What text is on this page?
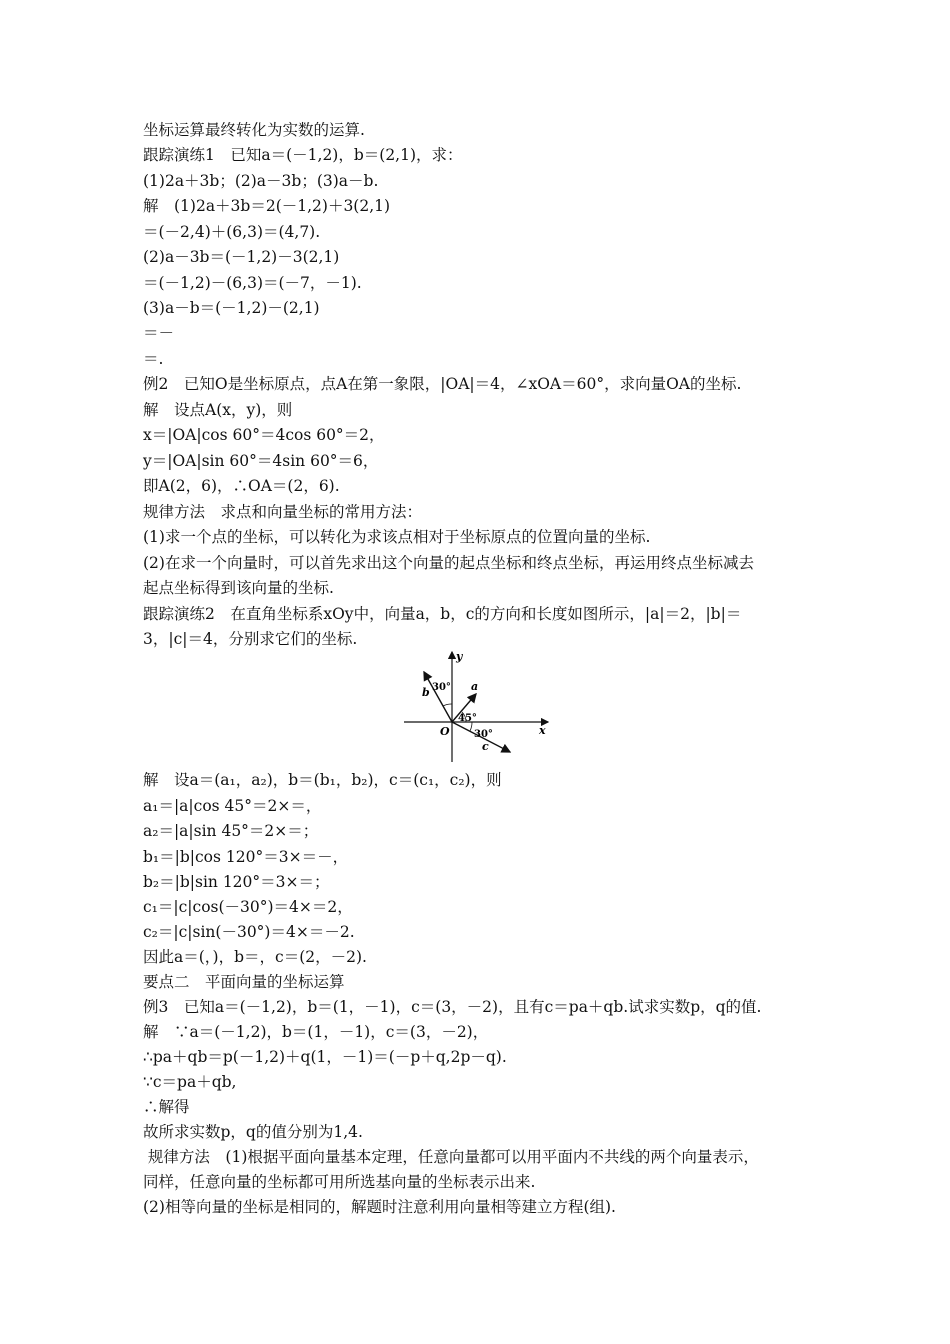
坐标运算最终转化为实数的运算.
跟踪演练1　已知a＝(－1,2)，b＝(2,1)，求：
(1)2a＋3b；(2)a－3b；(3)a－b.
解　(1)2a＋3b＝2(－1,2)＋3(2,1)
＝(－2,4)＋(6,3)＝(4,7).
(2)a－3b＝(－1,2)－3(2,1)
＝(－1,2)－(6,3)＝(－7，－1).
(3)a－b＝(－1,2)－(2,1)
＝－
＝.
例2　已知O是坐标原点，点A在第一象限，|OA|＝4，∠xOA＝60°，求向量OA的坐标.
解　设点A(x，y)，则
x＝|OA|cos 60°＝4cos 60°＝2，
y＝|OA|sin 60°＝4sin 60°＝6，
即A(2，6)，∴OA＝(2，6).
规律方法　求点和向量坐标的常用方法：
(1)求一个点的坐标，可以转化为求该点相对于坐标原点的位置向量的坐标.
(2)在求一个向量时，可以首先求出这个向量的起点坐标和终点坐标，再运用终点坐标减去
起点坐标得到该向量的坐标.
跟踪演练2　在直角坐标系xOy中，向量a，b，c的方向和长度如图所示，|a|＝2，|b|＝
3，|c|＝4，分别求它们的坐标.
y
x
O
a
b
c
30°
45°
30°
解　设a＝(a₁，a₂)，b＝(b₁，b₂)，c＝(c₁，c₂)，则
a₁＝|a|cos 45°＝2×＝，
a₂＝|a|sin 45°＝2×＝；
b₁＝|b|cos 120°＝3×＝－，
b₂＝|b|sin 120°＝3×＝；
c₁＝|c|cos(－30°)＝4×＝2，
c₂＝|c|sin(－30°)＝4×＝－2.
因此a＝(，)，b＝，c＝(2，－2).
要点二　平面向量的坐标运算
例3　已知a＝(－1,2)，b＝(1，－1)，c＝(3，－2)，且有c＝pa＋qb.试求实数p，q的值.
解　∵a＝(－1,2)，b＝(1，－1)，c＝(3，－2)，
∴pa＋qb＝p(－1,2)＋q(1，－1)＝(－p＋q,2p－q).
∵c＝pa＋qb,
∴解得
故所求实数p，q的值分别为1,4.
规律方法　(1)根据平面向量基本定理，任意向量都可以用平面内不共线的两个向量表示，
同样，任意向量的坐标都可用所选基向量的坐标表示出来.
(2)相等向量的坐标是相同的，解题时注意利用向量相等建立方程(组).
